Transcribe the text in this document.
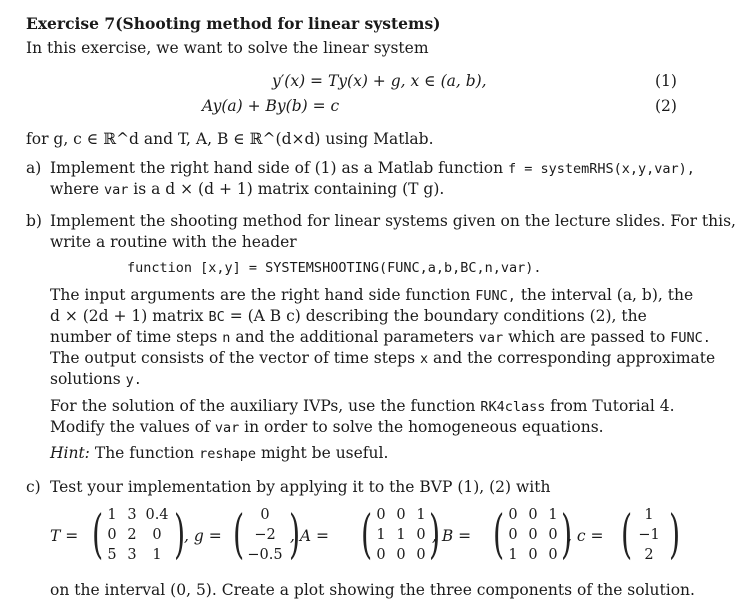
Exercise 7(Shooting method for linear systems)
In this exercise, we want to solve the linear system
y′(x) = Ty(x) + g, x ∈ (a, b),	(1)
Ay(a) + By(b) = c	(2)
for g, c ∈ ℝ^d and T, A, B ∈ ℝ^(d×d) using Matlab.
a) Implement the right hand side of (1) as a Matlab function f = systemRHS(x,y,var),
where var is a d × (d + 1) matrix containing (T g).
b) Implement the shooting method for linear systems given on the lecture slides. For this,
write a routine with the header
function [x,y] = SYSTEMSHOOTING(FUNC,a,b,BC,n,var).
The input arguments are the right hand side function FUNC, the interval (a, b), the
d × (2d + 1) matrix BC = (A B c) describing the boundary conditions (2), the
number of time steps n and the additional parameters var which are passed to FUNC.
The output consists of the vector of time steps x and the corresponding approximate
solutions y.
For the solution of the auxiliary IVPs, use the function RK4class from Tutorial 4.
Modify the values of var in order to solve the homogeneous equations.
Hint: The function reshape might be useful.
c) Test your implementation by applying it to the BVP (1), (2) with
T = ( )
1 3 0.4
0 2	0
5 3	1
, g = ( )
0
−2
−0.5
, A = ( )
0 0 1
1 1 0
0 0 0
, B = ( )
0 0 1
0 0 0
1 0 0
, c = ( )
1
−1
2
on the interval (0, 5). Create a plot showing the three components of the solution.
